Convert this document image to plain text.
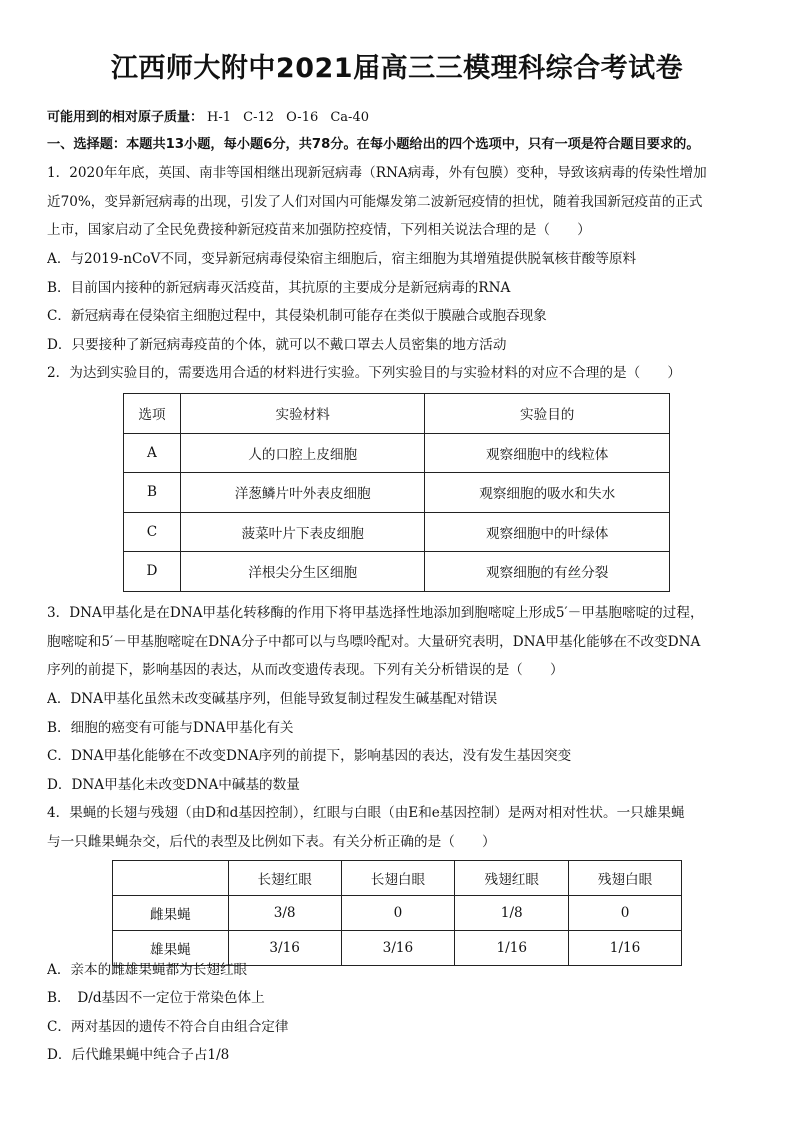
江西师大附中2021届高三三模理科综合考试卷
可能用到的相对原子质量： H-1 C-12 O-16 Ca-40
一、选择题：本题共13小题，每小题6分，共78分。在每小题给出的四个选项中，只有一项是符合题目要求的。
1．2020年年底，英国、南非等国相继出现新冠病毒（RNA病毒，外有包膜）变种，导致该病毒的传染性增加
近70%，变异新冠病毒的出现，引发了人们对国内可能爆发第二波新冠疫情的担忧，随着我国新冠疫苗的正式
上市，国家启动了全民免费接种新冠疫苗来加强防控疫情，下列相关说法合理的是（　　）
A．与2019-nCoV不同，变异新冠病毒侵染宿主细胞后，宿主细胞为其增殖提供脱氧核苷酸等原料
B．目前国内接种的新冠病毒灭活疫苗，其抗原的主要成分是新冠病毒的RNA
C．新冠病毒在侵染宿主细胞过程中，其侵染机制可能存在类似于膜融合或胞吞现象
D．只要接种了新冠病毒疫苗的个体，就可以不戴口罩去人员密集的地方活动
2．为达到实验目的，需要选用合适的材料进行实验。下列实验目的与实验材料的对应不合理的是（　　）
选项	实验材料	实验目的
A	人的口腔上皮细胞	观察细胞中的线粒体
B	洋葱鳞片叶外表皮细胞	观察细胞的吸水和失水
C	菠菜叶片下表皮细胞	观察细胞中的叶绿体
D	洋根尖分生区细胞	观察细胞的有丝分裂
3．DNA甲基化是在DNA甲基化转移酶的作用下将甲基选择性地添加到胞嘧啶上形成5′－甲基胞嘧啶的过程，
胞嘧啶和5′－甲基胞嘧啶在DNA分子中都可以与鸟嘌呤配对。大量研究表明，DNA甲基化能够在不改变DNA
序列的前提下，影响基因的表达，从而改变遗传表现。下列有关分析错误的是（　　）
A．DNA甲基化虽然未改变碱基序列，但能导致复制过程发生碱基配对错误
B．细胞的癌变有可能与DNA甲基化有关
C．DNA甲基化能够在不改变DNA序列的前提下，影响基因的表达，没有发生基因突变
D．DNA甲基化未改变DNA中碱基的数量
4．果蝇的长翅与残翅（由D和d基因控制），红眼与白眼（由E和e基因控制）是两对相对性状。一只雄果蝇
与一只雌果蝇杂交，后代的表型及比例如下表。有关分析正确的是（　　）
	长翅红眼	长翅白眼	残翅红眼	残翅白眼
雌果蝇	3/8	0	1/8	0
雄果蝇	3/16	3/16	1/16	1/16
A．亲本的雌雄果蝇都为长翅红眼
B．　D/d基因不一定位于常染色体上
C．两对基因的遗传不符合自由组合定律
D．后代雌果蝇中纯合子占1/8
